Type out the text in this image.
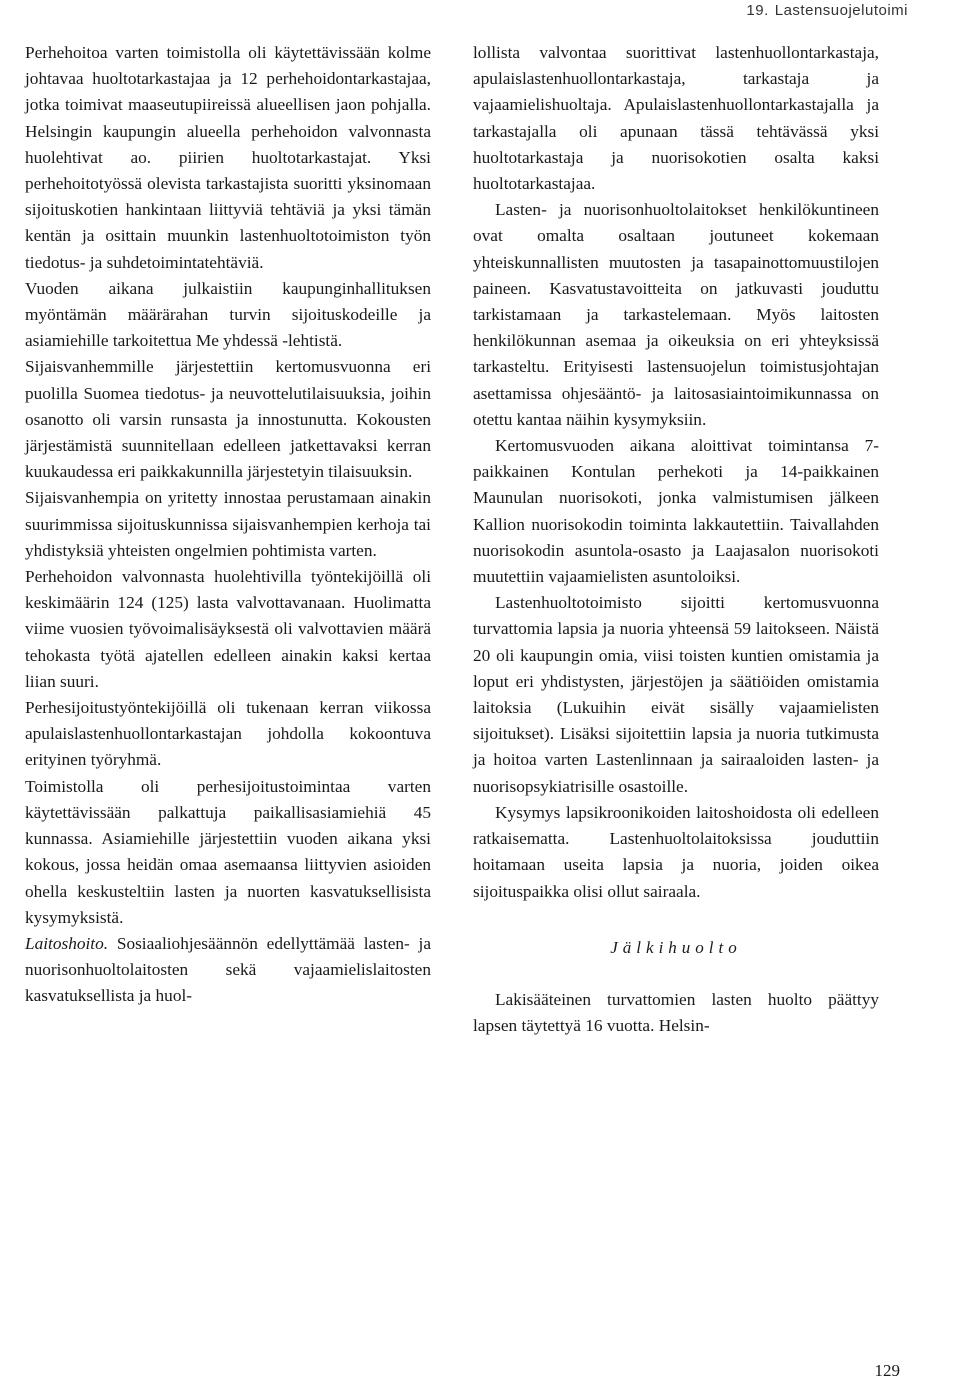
19. Lastensuojelutoimi

Perhehoitoa varten toimistolla oli käytettävissään kolme johtavaa huoltotarkastajaa ja 12 perhehoidontarkastajaa, jotka toimivat maaseutupiireissä alueellisen jaon pohjalla. Helsingin kaupungin alueella perhehoidon valvonnasta huolehtivat ao. piirien huoltotarkastajat. Yksi perhehoitotyössä olevista tarkastajista suoritti yksinomaan sijoituskotien hankintaan liittyviä tehtäviä ja yksi tämän kentän ja osittain muunkin lastenhuoltotoimiston työn tiedotus- ja suhdetoimintatehtäviä.

Vuoden aikana julkaistiin kaupunginhallituksen myöntämän määrärahan turvin sijoituskodeille ja asiamiehille tarkoitettua Me yhdessä -lehtistä.

Sijaisvanhemmille järjestettiin kertomusvuonna eri puolilla Suomea tiedotus- ja neuvottelutilaisuuksia, joihin osanotto oli varsin runsasta ja innostunutta. Kokousten järjestämistä suunnitellaan edelleen jatkettavaksi kerran kuukaudessa eri paikkakunnilla järjestetyin tilaisuuksin.

Sijaisvanhempia on yritetty innostaa perustamaan ainakin suurimmissa sijoituskunnissa sijaisvanhempien kerhoja tai yhdistyksiä yhteisten ongelmien pohtimista varten.

Perhehoidon valvonnasta huolehtivilla työntekijöillä oli keskimäärin 124 (125) lasta valvottavanaan. Huolimatta viime vuosien työvoimalisäyksestä oli valvottavien määrä tehokasta työtä ajatellen edelleen ainakin kaksi kertaa liian suuri.

Perhesijoitustyöntekijöillä oli tukenaan kerran viikossa apulaislastenhuollontarkastajan johdolla kokoontuva erityinen työryhmä.

Toimistolla oli perhesijoitustoimintaa varten käytettävissään palkattuja paikallisasiamiehiä 45 kunnassa. Asiamiehille järjestettiin vuoden aikana yksi kokous, jossa heidän omaa asemaansa liittyvien asioiden ohella keskusteltiin lasten ja nuorten kasvatuksellisista kysymyksistä.

Laitoshoito. Sosiaaliohjesäännön edellyttämää lasten- ja nuorisonhuoltolaitosten sekä vajaamielislaitosten kasvatuksellista ja huol-

lollista valvontaa suorittivat lastenhuollontarkastaja, apulaislastenhuollontarkastaja, tarkastaja ja vajaamielishuoltaja. Apulaislastenhuollontarkastajalla ja tarkastajalla oli apunaan tässä tehtävässä yksi huoltotarkastaja ja nuorisokotien osalta kaksi huoltotarkastajaa.

Lasten- ja nuorisonhuoltolaitokset henkilökuntineen ovat omalta osaltaan joutuneet kokemaan yhteiskunnallisten muutosten ja tasapainottomuustilojen paineen. Kasvatustavoitteita on jatkuvasti jouduttu tarkistamaan ja tarkastelemaan. Myös laitosten henkilökunnan asemaa ja oikeuksia on eri yhteyksissä tarkasteltu. Erityisesti lastensuojelun toimistusjohtajan asettamissa ohjesääntö- ja laitosasiaintoimikunnassa on otettu kantaa näihin kysymyksiin.

Kertomusvuoden aikana aloittivat toimintansa 7-paikkainen Kontulan perhekoti ja 14-paikkainen Maunulan nuorisokoti, jonka valmistumisen jälkeen Kallion nuorisokodin toiminta lakkautettiin. Taivallahden nuorisokodin asuntola-osasto ja Laajasalon nuorisokoti muutettiin vajaamielisten asuntoloiksi.

Lastenhuoltotoimisto sijoitti kertomusvuonna turvattomia lapsia ja nuoria yhteensä 59 laitokseen. Näistä 20 oli kaupungin omia, viisi toisten kuntien omistamia ja loput eri yhdistysten, järjestöjen ja säätiöiden omistamia laitoksia (Lukuihin eivät sisälly vajaamielisten sijoitukset). Lisäksi sijoitettiin lapsia ja nuoria tutkimusta ja hoitoa varten Lastenlinnaan ja sairaaloiden lasten- ja nuorisopsykiatrisille osastoille.

Kysymys lapsikroonikoiden laitoshoidosta oli edelleen ratkaisematta. Lastenhuoltolaitoksissa jouduttiin hoitamaan useita lapsia ja nuoria, joiden oikea sijoituspaikka olisi ollut sairaala.

Jälkihuolto

Lakisääteinen turvattomien lasten huolto päättyy lapsen täytettyä 16 vuotta. Helsin-

129
